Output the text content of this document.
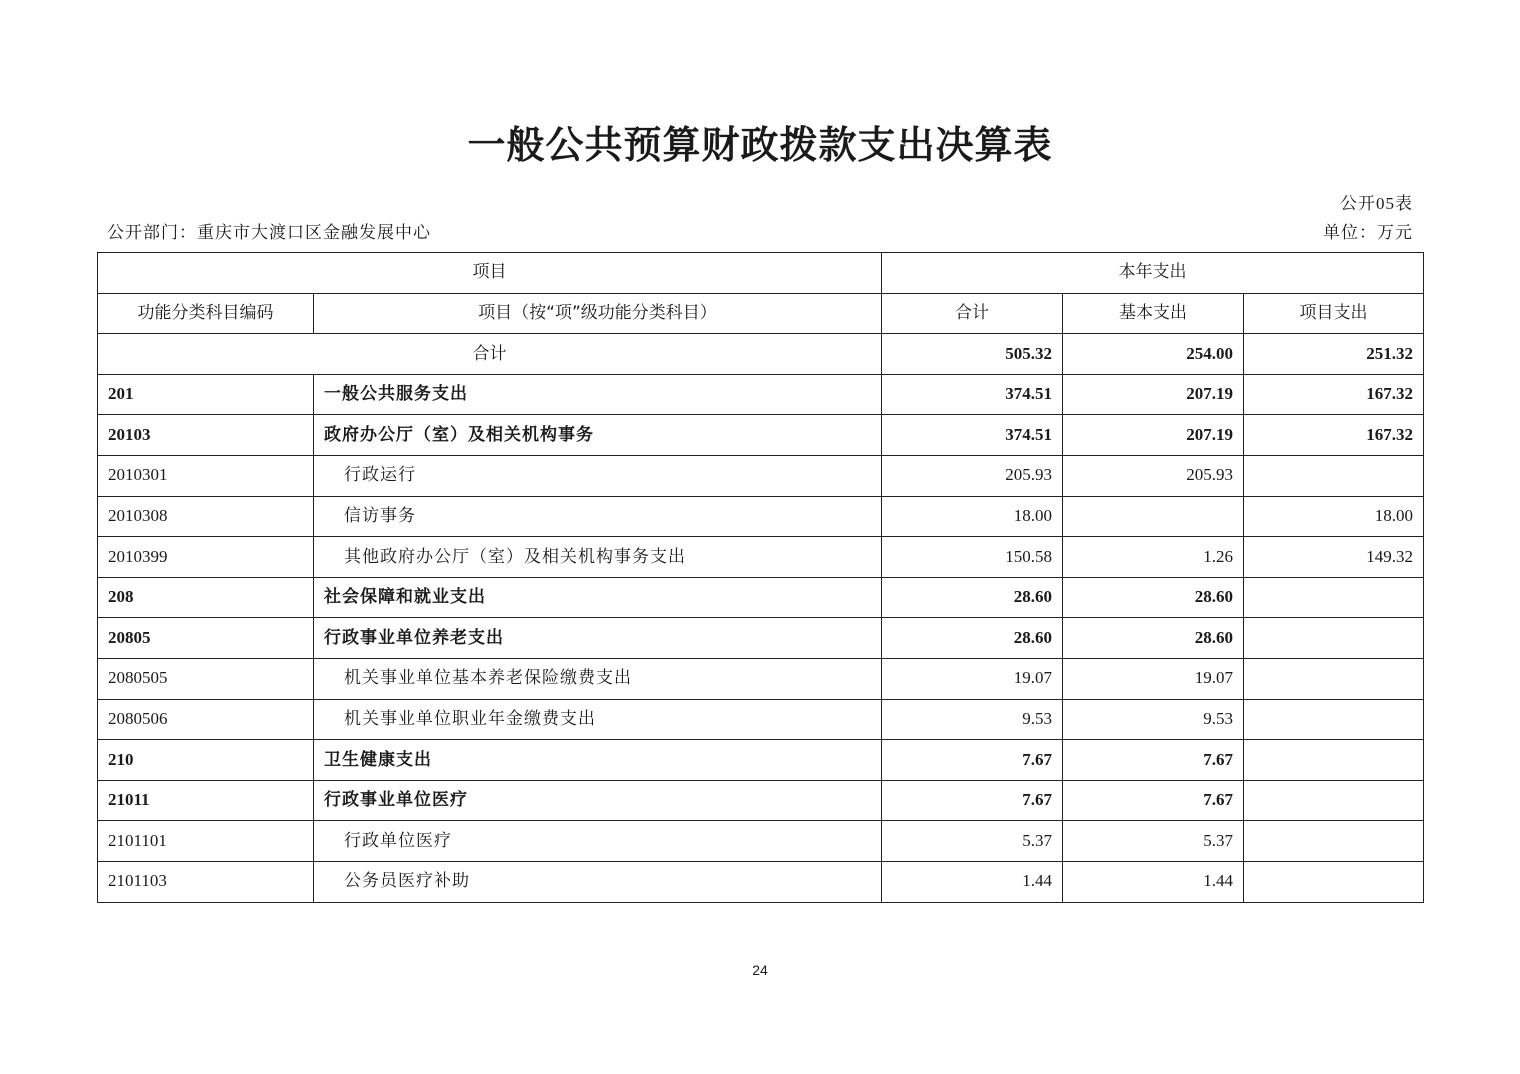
一般公共预算财政拨款支出决算表
公开05表
公开部门：重庆市大渡口区金融发展中心	单位：万元
项目		本年支出		
功能分类科目编码	项目（按“项”级功能分类科目）	合计	基本支出	项目支出
合计		505.32	254.00	251.32
201	一般公共服务支出	374.51	207.19	167.32
20103	政府办公厅（室）及相关机构事务	374.51	207.19	167.32
2010301	行政运行	205.93	205.93	
2010308	信访事务	18.00		18.00
2010399	其他政府办公厅（室）及相关机构事务支出	150.58	1.26	149.32
208	社会保障和就业支出	28.60	28.60	
20805	行政事业单位养老支出	28.60	28.60	
2080505	机关事业单位基本养老保险缴费支出	19.07	19.07	
2080506	机关事业单位职业年金缴费支出	9.53	9.53	
210	卫生健康支出	7.67	7.67	
21011	行政事业单位医疗	7.67	7.67	
2101101	行政单位医疗	5.37	5.37	
2101103	公务员医疗补助	1.44	1.44	
24
